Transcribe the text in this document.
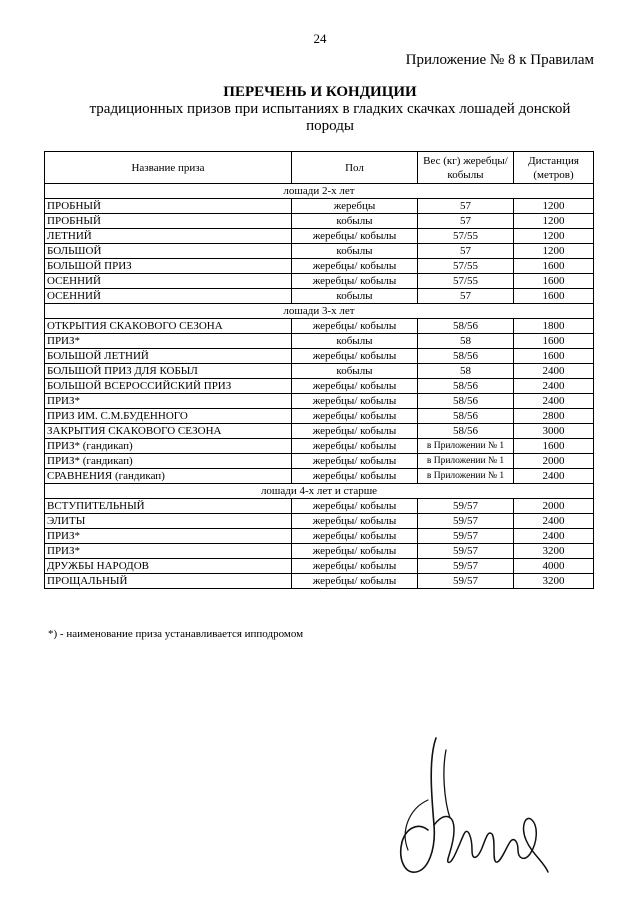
24
Приложение № 8 к Правилам
ПЕРЕЧЕНЬ И КОНДИЦИИ
традиционных призов при испытаниях в гладких скачках лошадей донской породы
Название приза	Пол	Вес (кг) жеребцы/ кобылы	Дистанция (метров)
лошади 2-х лет			
ПРОБНЫЙ	жеребцы	57	1200
ПРОБНЫЙ	кобылы	57	1200
ЛЕТНИЙ	жеребцы/ кобылы	57/55	1200
БОЛЬШОЙ	кобылы	57	1200
БОЛЬШОЙ ПРИЗ	жеребцы/ кобылы	57/55	1600
ОСЕННИЙ	жеребцы/ кобылы	57/55	1600
ОСЕННИЙ	кобылы	57	1600
лошади 3-х лет			
ОТКРЫТИЯ СКАКОВОГО СЕЗОНА	жеребцы/ кобылы	58/56	1800
ПРИЗ*	кобылы	58	1600
БОЛЬШОЙ ЛЕТНИЙ	жеребцы/ кобылы	58/56	1600
БОЛЬШОЙ ПРИЗ ДЛЯ КОБЫЛ	кобылы	58	2400
БОЛЬШОЙ ВСЕРОССИЙСКИЙ ПРИЗ	жеребцы/ кобылы	58/56	2400
ПРИЗ*	жеребцы/ кобылы	58/56	2400
ПРИЗ ИМ. С.М.БУДЕННОГО	жеребцы/ кобылы	58/56	2800
ЗАКРЫТИЯ СКАКОВОГО СЕЗОНА	жеребцы/ кобылы	58/56	3000
ПРИЗ* (гандикап)	жеребцы/ кобылы	в Приложении № 1	1600
ПРИЗ* (гандикап)	жеребцы/ кобылы	в Приложении № 1	2000
СРАВНЕНИЯ (гандикап)	жеребцы/ кобылы	в Приложении № 1	2400
лошади 4-х лет и старше			
ВСТУПИТЕЛЬНЫЙ	жеребцы/ кобылы	59/57	2000
ЭЛИТЫ	жеребцы/ кобылы	59/57	2400
ПРИЗ*	жеребцы/ кобылы	59/57	2400
ПРИЗ*	жеребцы/ кобылы	59/57	3200
ДРУЖБЫ НАРОДОВ	жеребцы/ кобылы	59/57	4000
ПРОЩАЛЬНЫЙ	жеребцы/ кобылы	59/57	3200
*) - наименование приза устанавливается ипподромом
